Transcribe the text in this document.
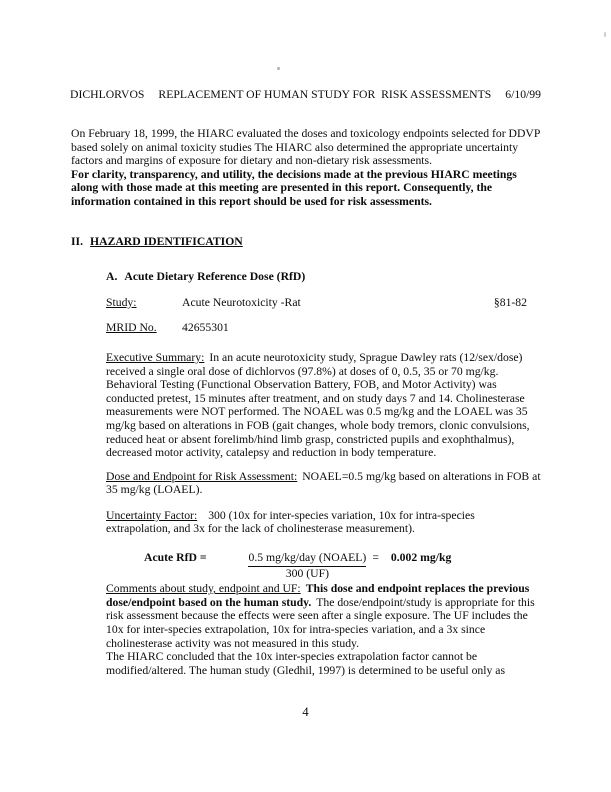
DICHLORVOS	REPLACEMENT OF HUMAN STUDY FOR  RISK ASSESSMENTS	6/10/99

On February 18, 1999, the HIARC evaluated the doses and toxicology endpoints selected for DDVP based solely on animal toxicity studies The HIARC also determined the appropriate uncertainty factors and margins of exposure for dietary and non-dietary risk assessments.

For clarity, transparency, and utility, the decisions made at the previous HIARC meetings along with those made at this meeting are presented in this report. Consequently, the information contained in this report should be used for risk assessments.

II. HAZARD IDENTIFICATION
A. Acute Dietary Reference Dose (RfD)
Study:	Acute Neurotoxicity -Rat	§81-82
MRID No.	42655301

Executive Summary: In an acute neurotoxicity study, Sprague Dawley rats (12/sex/dose) received a single oral dose of dichlorvos (97.8%) at doses of 0, 0.5, 35 or 70 mg/kg. Behavioral Testing (Functional Observation Battery, FOB, and Motor Activity) was conducted pretest, 15 minutes after treatment, and on study days 7 and 14. Cholinesterase measurements were NOT performed. The NOAEL was 0.5 mg/kg and the LOAEL was 35 mg/kg based on alterations in FOB (gait changes, whole body tremors, clonic convulsions, reduced heat or absent forelimb/hind limb grasp, constricted pupils and exophthalmus), decreased motor activity, catalepsy and reduction in body temperature.

Dose and Endpoint for Risk Assessment: NOAEL=0.5 mg/kg based on alterations in FOB at 35 mg/kg (LOAEL).

Uncertainty Factor: 300 (10x for inter-species variation, 10x for intra-species extrapolation, and 3x for the lack of cholinesterase measurement).

Acute RfD =	$\frac{\text{0.5 mg/kg/day (NOAEL)}}{300 (UF)} = 0.002$ mg/kg

Comments about study, endpoint and UF: This dose and endpoint replaces the previous dose/endpoint based on the human study. The dose/endpoint/study is appropriate for this risk assessment because the effects were seen after a single exposure. The UF includes the 10x for inter-species extrapolation, 10x for intra-species variation, and a 3x since cholinesterase activity was not measured in this study.

The HIARC concluded that the 10x inter-species extrapolation factor cannot be modified/altered. The human study (Gledhil, 1997) is determined to be useful only as

4
